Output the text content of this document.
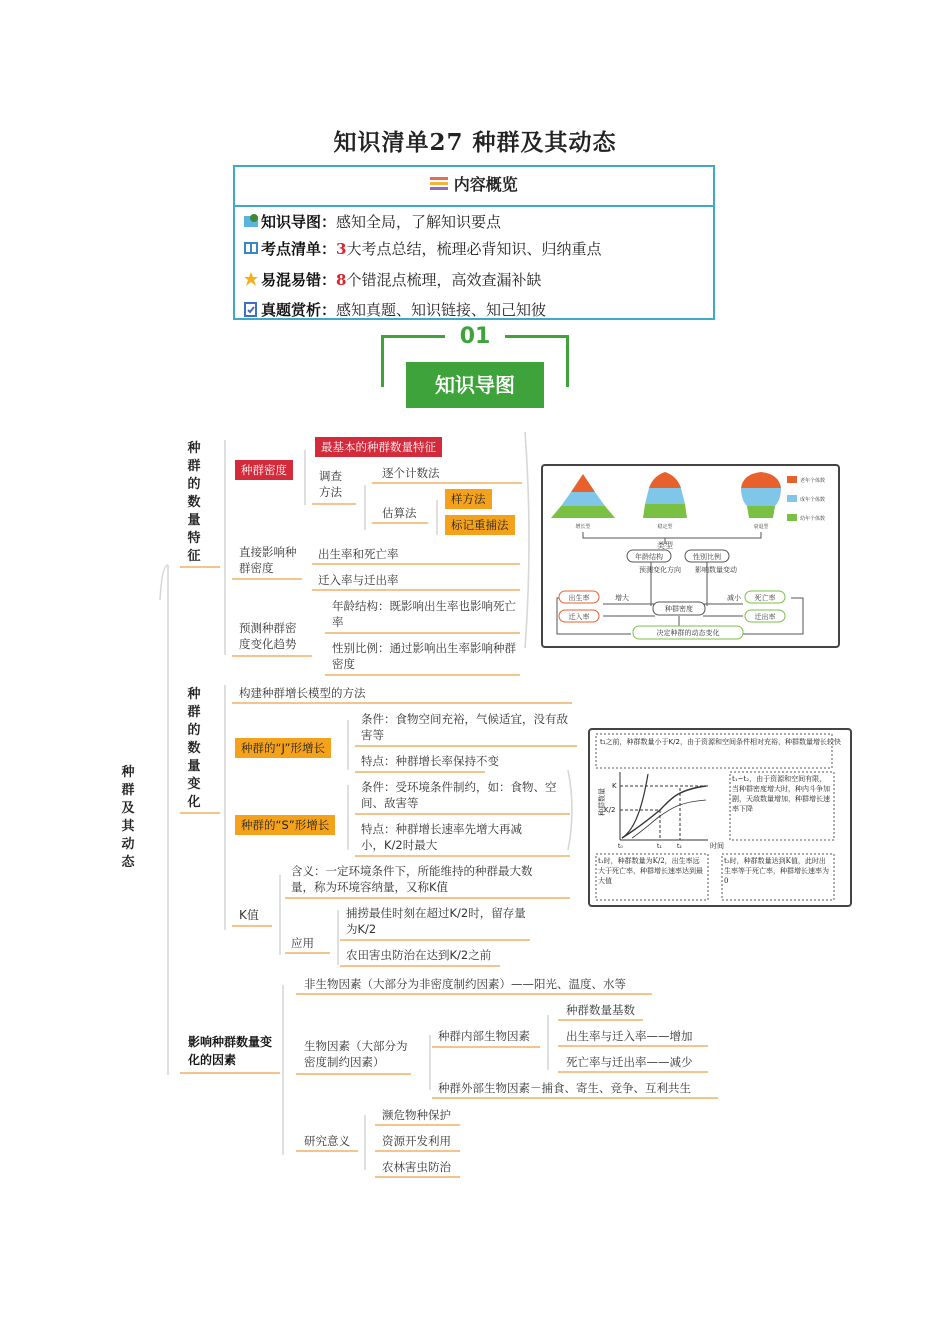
知识清单27 种群及其动态
内容概览
知识导图：感知全局，了解知识要点
考点清单：3大考点总结，梳理必背知识、归纳重点
易混易错：8个错混点梳理，高效查漏补缺
真题赏析：感知真题、知识链接、知己知彼
01
知识导图
种群及其动态
种群的数量特征
种群密度
最基本的种群数量特征
调查方法
逐个计数法
估算法
样方法
标记重捕法
直接影响种群密度
出生率和死亡率
迁入率与迁出率
预测种群密度变化趋势
年龄结构：既影响出生率也影响死亡率
性别比例：通过影响出生率影响种群密度
种群的数量变化
构建种群增长模型的方法
种群的“J”形增长
条件：食物空间充裕，气候适宜，没有敌害等
特点：种群增长率保持不变
种群的“S”形增长
条件：受环境条件制约，如：食物、空间、敌害等
特点：种群增长速率先增大再减小，K/2时最大
K值
含义：一定环境条件下，所能维持的种群最大数量，称为环境容纳量，又称K值
应用
捕捞最佳时刻在超过K/2时，留存量为K/2
农田害虫防治在达到K/2之前
影响种群数量变化的因素
非生物因素（大部分为非密度制约因素）——阳光、温度、水等
生物因素（大部分为密度制约因素）
种群内部生物因素
种群数量基数
出生率与迁入率——增加
死亡率与迁出率——减少
种群外部生物因素－捕食、寄生、竞争、互利共生
研究意义
濒危物种保护
资源开发利用
农林害虫防治
增长型	稳定型	衰退型
老年个体数
成年个体数
幼年个体数
类型
年龄结构	性别比例
预测变化方向 影响数量变动
出生率
迁入率
死亡率
迁出率
增大	减小
种群密度
决定种群的动态变化
t₁之前，种群数量小于K/2，由于资源和空间条件相对充裕，种群数量增长较快
t₁~t₂，由于资源和空间有限，当种群密度增大时，种内斗争加剧，天敌数量增加，种群增长速率下降
种群数量
时间
K
K/2
t₀	t₁	t₂
t₁时，种群数量为K/2，出生率远大于死亡率，种群增长速率达到最大值
t₂时，种群数量达到K值，此时出生率等于死亡率，种群增长速率为0
